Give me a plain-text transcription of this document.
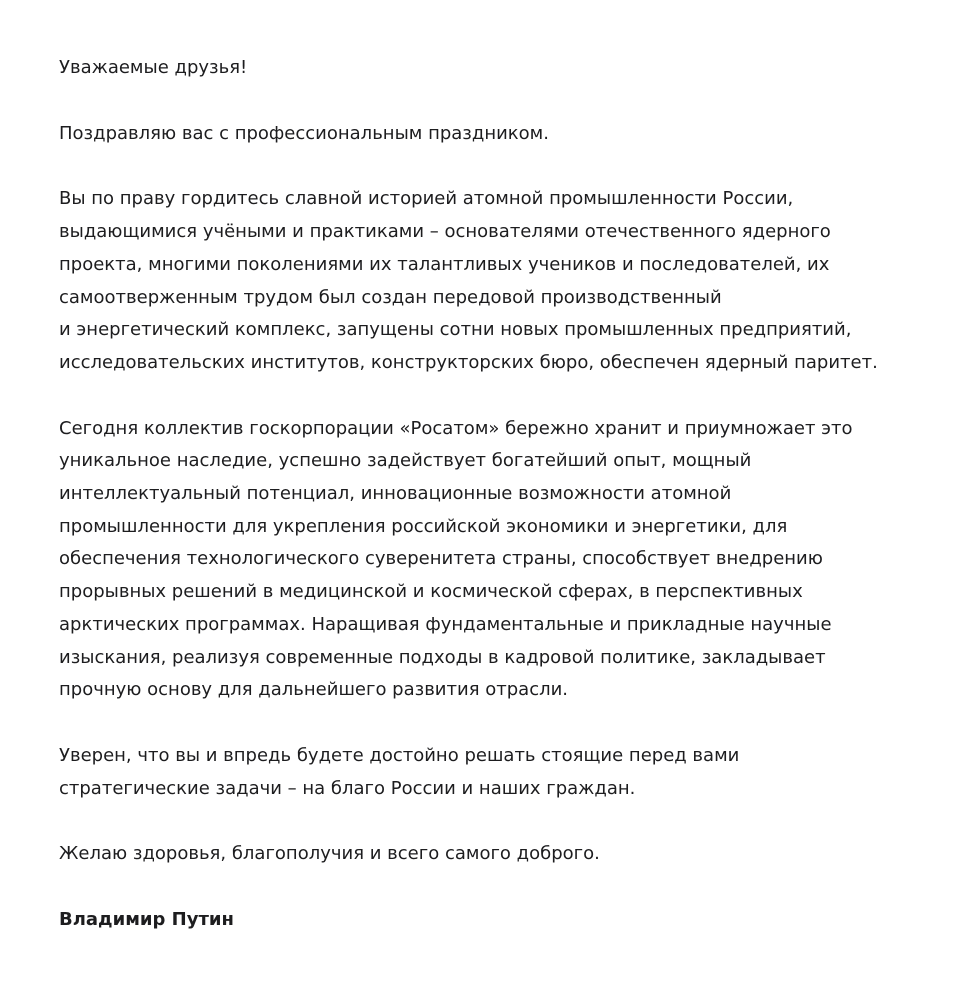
Уважаемые друзья!

Поздравляю вас с профессиональным праздником.

Вы по праву гордитесь славной историей атомной промышленности России,
выдающимися учёными и практиками – основателями отечественного ядерного
проекта, многими поколениями их талантливых учеников и последователей, их
самоотверженным трудом был создан передовой производственный
и энергетический комплекс, запущены сотни новых промышленных предприятий,
исследовательских институтов, конструкторских бюро, обеспечен ядерный паритет.

Сегодня коллектив госкорпорации «Росатом» бережно хранит и приумножает это
уникальное наследие, успешно задействует богатейший опыт, мощный
интеллектуальный потенциал, инновационные возможности атомной
промышленности для укрепления российской экономики и энергетики, для
обеспечения технологического суверенитета страны, способствует внедрению
прорывных решений в медицинской и космической сферах, в перспективных
арктических программах. Наращивая фундаментальные и прикладные научные
изыскания, реализуя современные подходы в кадровой политике, закладывает
прочную основу для дальнейшего развития отрасли.

Уверен, что вы и впредь будете достойно решать стоящие перед вами
стратегические задачи – на благо России и наших граждан.

Желаю здоровья, благополучия и всего самого доброго.

Владимир Путин
